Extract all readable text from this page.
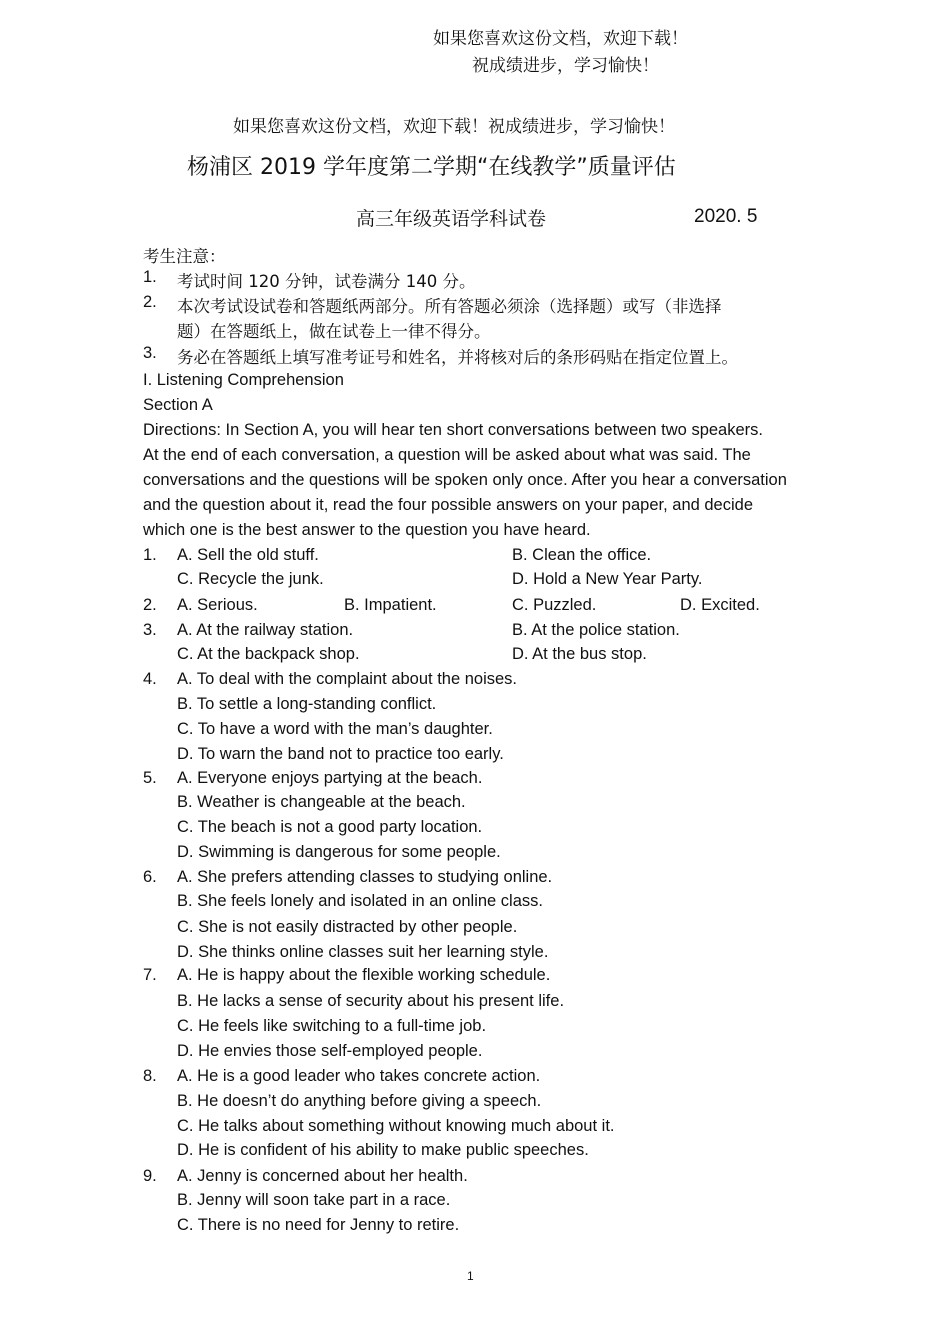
如果您喜欢这份文档，欢迎下载！
祝成绩进步，学习愉快！
如果您喜欢这份文档，欢迎下载！祝成绩进步，学习愉快！
杨浦区 2019 学年度第二学期“在线教学”质量评估
高三年级英语学科试卷	2020. 5
考生注意：
1. 考试时间 120 分钟，试卷满分 140 分。
2. 本次考试设试卷和答题纸两部分。所有答题必须涂（选择题）或写（非选择
题）在答题纸上，做在试卷上一律不得分。
3. 务必在答题纸上填写准考证号和姓名，并将核对后的条形码贴在指定位置上。
I. Listening Comprehension
Section A
Directions: In Section A, you will hear ten short conversations between two speakers.
At the end of each conversation, a question will be asked about what was said. The
conversations and the questions will be spoken only once. After you hear a conversation
and the question about it, read the four possible answers on your paper, and decide
which one is the best answer to the question you have heard.
1. A. Sell the old stuff.	B. Clean the office.
C. Recycle the junk.	D. Hold a New Year Party.
2. A. Serious.	B. Impatient.	C. Puzzled.	D. Excited.
3. A. At the railway station.	B. At the police station.
C. At the backpack shop.	D. At the bus stop.
4. A. To deal with the complaint about the noises.
B. To settle a long-standing conflict.
C. To have a word with the man’s daughter.
D. To warn the band not to practice too early.
5. A. Everyone enjoys partying at the beach.
B. Weather is changeable at the beach.
C. The beach is not a good party location.
D. Swimming is dangerous for some people.
6. A. She prefers attending classes to studying online.
B. She feels lonely and isolated in an online class.
C. She is not easily distracted by other people.
D. She thinks online classes suit her learning style.
7. A. He is happy about the flexible working schedule.
B. He lacks a sense of security about his present life.
C. He feels like switching to a full-time job.
D. He envies those self-employed people.
8. A. He is a good leader who takes concrete action.
B. He doesn’t do anything before giving a speech.
C. He talks about something without knowing much about it.
D. He is confident of his ability to make public speeches.
9. A. Jenny is concerned about her health.
B. Jenny will soon take part in a race.
C. There is no need for Jenny to retire.
1
